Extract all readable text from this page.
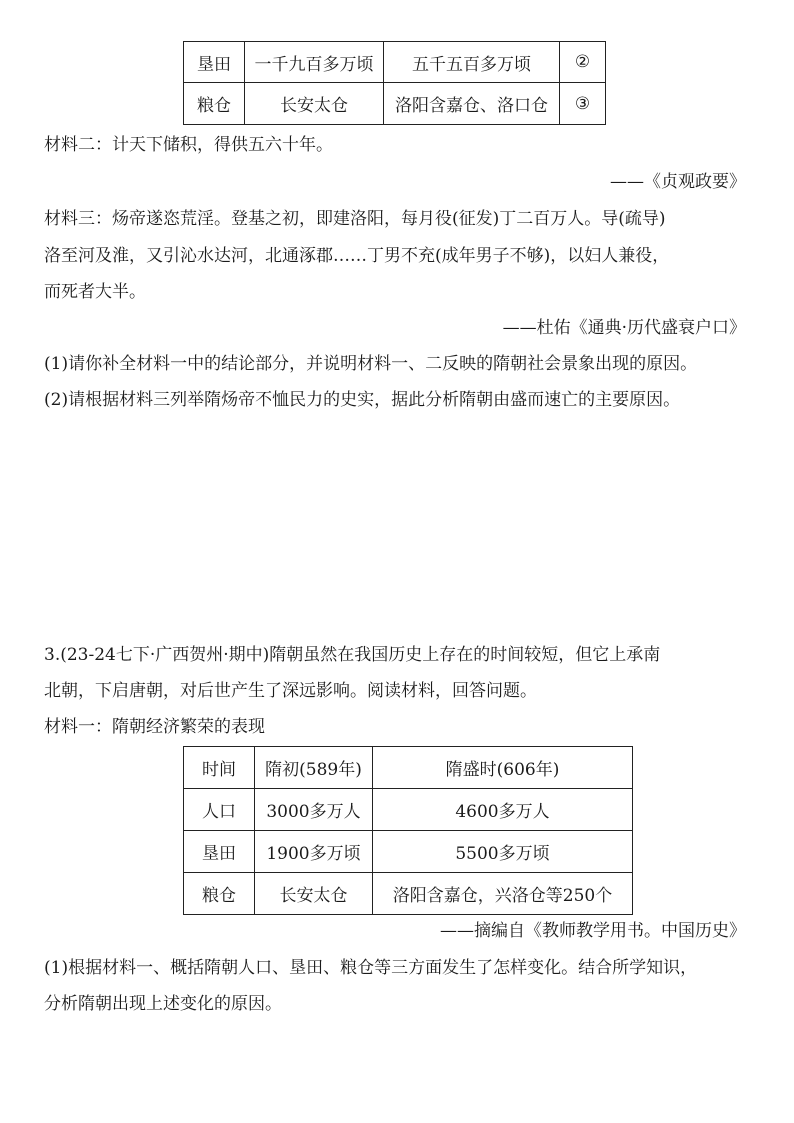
垦田	一千九百多万顷	五千五百多万顷	②
粮仓	长安太仓	洛阳含嘉仓、洛口仓	③
材料二：计天下储积，得供五六十年。
——《贞观政要》
材料三：炀帝遂恣荒淫。登基之初，即建洛阳，每月役(征发)丁二百万人。导(疏导)
洛至河及淮，又引沁水达河，北通涿郡……丁男不充(成年男子不够)，以妇人兼役，
而死者大半。
——杜佑《通典·历代盛衰户口》
(1)请你补全材料一中的结论部分，并说明材料一、二反映的隋朝社会景象出现的原因。
(2)请根据材料三列举隋炀帝不恤民力的史实，据此分析隋朝由盛而速亡的主要原因。
3.(23-24七下·广西贺州·期中)隋朝虽然在我国历史上存在的时间较短，但它上承南
北朝，下启唐朝，对后世产生了深远影响。阅读材料，回答问题。
材料一：隋朝经济繁荣的表现
时间	隋初(589年)	隋盛时(606年)
人口	3000多万人	4600多万人
垦田	1900多万顷	5500多万顷
粮仓	长安太仓	洛阳含嘉仓，兴洛仓等250个
——摘编自《教师教学用书。中国历史》
(1)根据材料一、概括隋朝人口、垦田、粮仓等三方面发生了怎样变化。结合所学知识，
分析隋朝出现上述变化的原因。
